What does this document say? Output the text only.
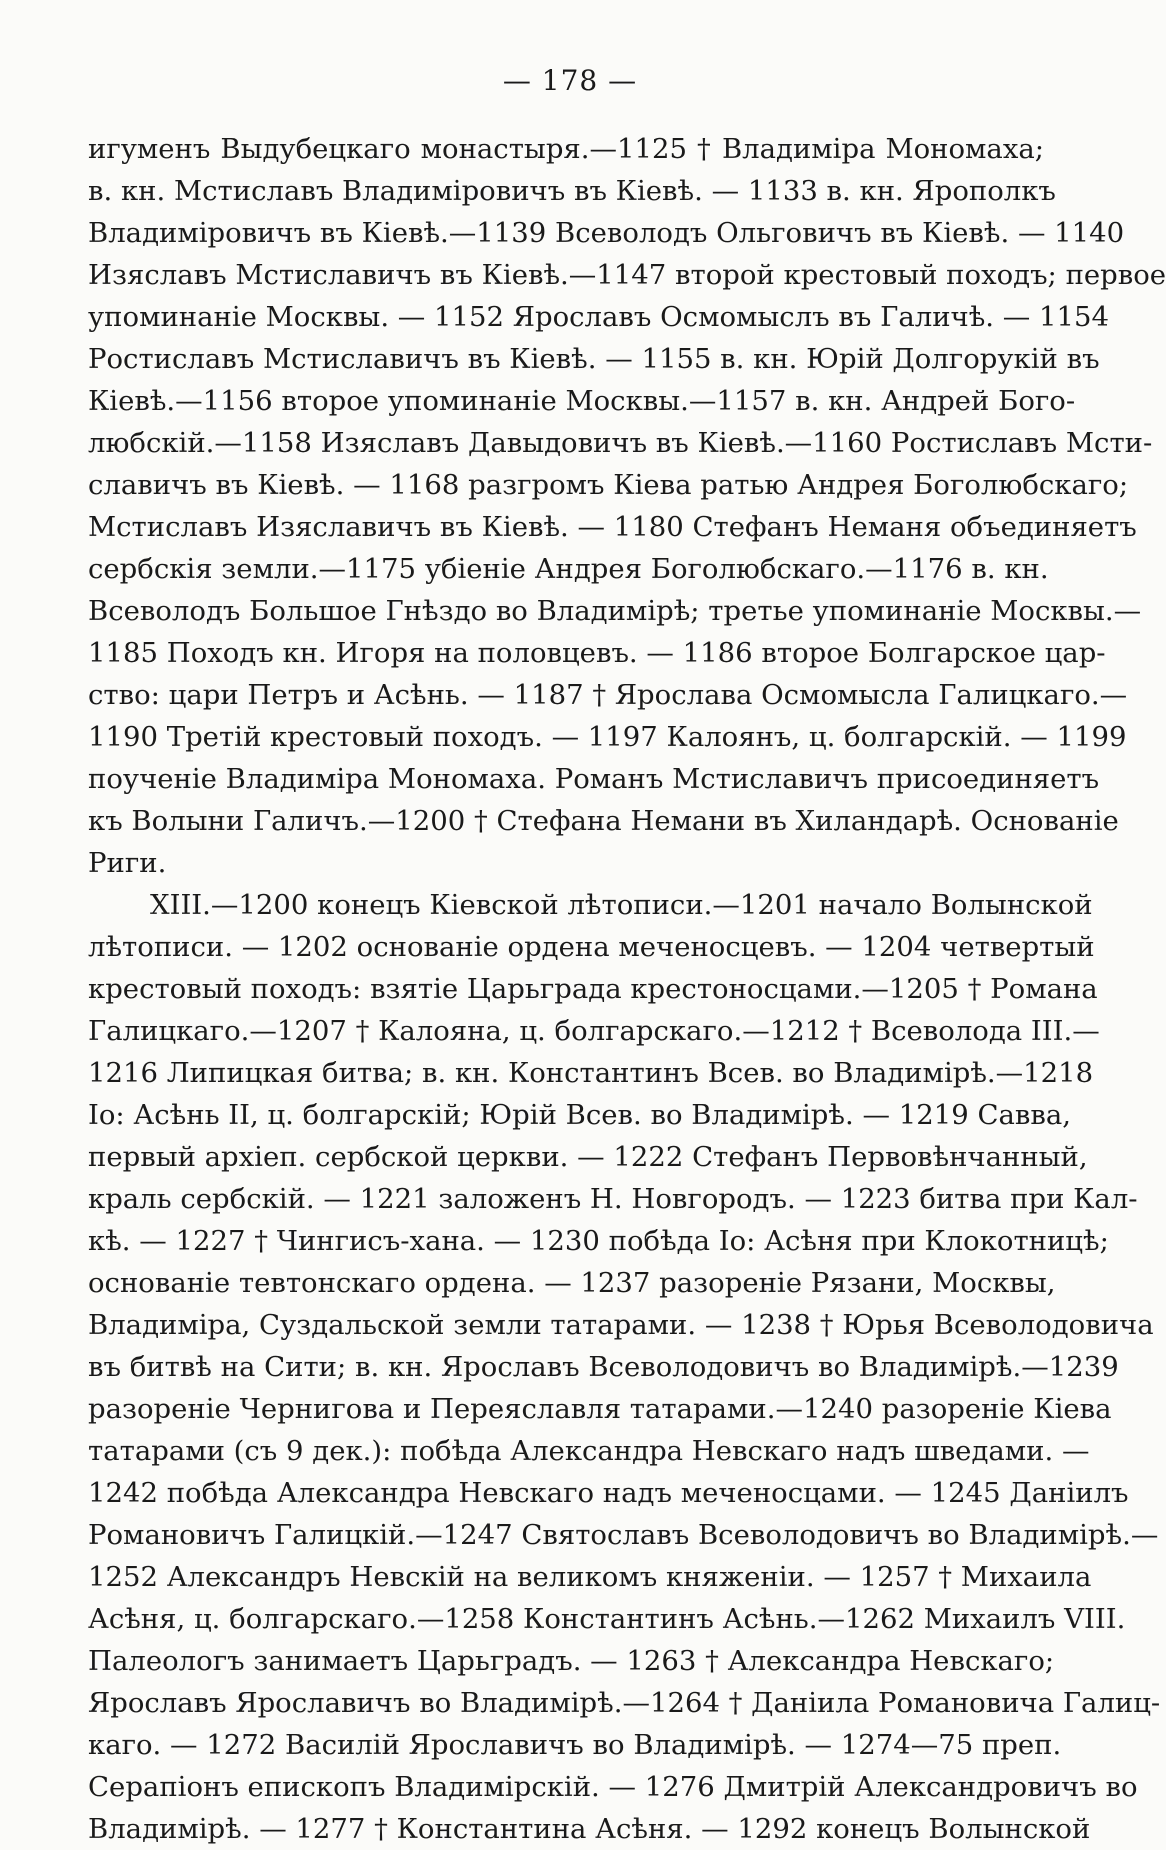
— 178 —
игуменъ Выдубецкаго монастыря.—1125 † Владиміра Мономаха;
в. кн. Мстиславъ Владиміровичъ въ Кіевѣ. — 1133 в. кн. Ярополкъ
Владиміровичъ въ Кіевѣ.—1139 Всеволодъ Ольговичъ въ Кіевѣ. — 1140
Изяславъ Мстиславичъ въ Кіевѣ.—1147 второй крестовый походъ; первое
упоминаніе Москвы. — 1152 Ярославъ Осмомыслъ въ Галичѣ. — 1154
Ростиславъ Мстиславичъ въ Кіевѣ. — 1155 в. кн. Юрій Долгорукій въ
Кіевѣ.—1156 второе упоминаніе Москвы.—1157 в. кн. Андрей Бого-
любскій.—1158 Изяславъ Давыдовичъ въ Кіевѣ.—1160 Ростиславъ Мсти-
славичъ въ Кіевѣ. — 1168 разгромъ Кіева ратью Андрея Боголюбскаго;
Мстиславъ Изяславичъ въ Кіевѣ. — 1180 Стефанъ Неманя объединяетъ
сербскія земли.—1175 убіеніе Андрея Боголюбскаго.—1176 в. кн.
Всеволодъ Большое Гнѣздо во Владимірѣ; третье упоминаніе Москвы.—
1185 Походъ кн. Игоря на половцевъ. — 1186 второе Болгарское цар-
ство: цари Петръ и Асѣнь. — 1187 † Ярослава Осмомысла Галицкаго.—
1190 Третій крестовый походъ. — 1197 Калоянъ, ц. болгарскій. — 1199
поученіе Владиміра Мономаха. Романъ Мстиславичъ присоединяетъ
къ Волыни Галичъ.—1200 † Стефана Немани въ Хиландарѣ. Основаніе
Риги.
XIII.—1200 конецъ Кіевской лѣтописи.—1201 начало Волынской
лѣтописи. — 1202 основаніе ордена меченосцевъ. — 1204 четвертый
крестовый походъ: взятіе Царьграда крестоносцами.—1205 † Романа
Галицкаго.—1207 † Калояна, ц. болгарскаго.—1212 † Всеволода III.—
1216 Липицкая битва; в. кн. Константинъ Всев. во Владимірѣ.—1218
Іо: Асѣнь II, ц. болгарскій; Юрій Всев. во Владимірѣ. — 1219 Савва,
первый архіеп. сербской церкви. — 1222 Стефанъ Первовѣнчанный,
краль сербскій. — 1221 заложенъ Н. Новгородъ. — 1223 битва при Кал-
кѣ. — 1227 † Чингисъ-хана. — 1230 побѣда Іо: Асѣня при Клокотницѣ;
основаніе тевтонскаго ордена. — 1237 разореніе Рязани, Москвы,
Владиміра, Суздальской земли татарами. — 1238 † Юрья Всеволодовича
въ битвѣ на Сити; в. кн. Ярославъ Всеволодовичъ во Владимірѣ.—1239
разореніе Чернигова и Переяславля татарами.—1240 разореніе Кіева
татарами (съ 9 дек.): побѣда Александра Невскаго надъ шведами. —
1242 побѣда Александра Невскаго надъ меченосцами. — 1245 Даніилъ
Романовичъ Галицкій.—1247 Святославъ Всеволодовичъ во Владимірѣ.—
1252 Александръ Невскій на великомъ княженіи. — 1257 † Михаила
Асѣня, ц. болгарскаго.—1258 Константинъ Асѣнь.—1262 Михаилъ VIII.
Палеологъ занимаетъ Царьградъ. — 1263 † Александра Невскаго;
Ярославъ Ярославичъ во Владимірѣ.—1264 † Даніила Романовича Галиц-
каго. — 1272 Василій Ярославичъ во Владимірѣ. — 1274—75 преп.
Серапіонъ епископъ Владимірскій. — 1276 Дмитрій Александровичъ во
Владимірѣ. — 1277 † Константина Асѣня. — 1292 конецъ Волынской
